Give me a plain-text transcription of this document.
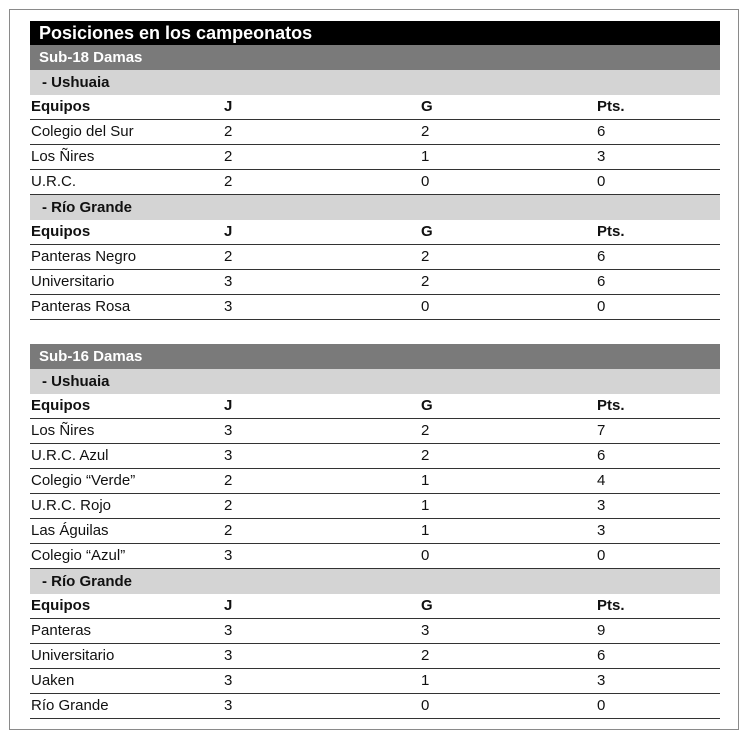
Posiciones en los campeonatos
Sub-18 Damas
- Ushuaia
Equipos	J	G	Pts.
Colegio del Sur	2	2	6
Los Ñires	2	1	3
U.R.C.	2	0	0
- Río Grande
Equipos	J	G	Pts.
Panteras Negro	2	2	6
Universitario	3	2	6
Panteras Rosa	3	0	0
Sub-16 Damas
- Ushuaia
Equipos	J	G	Pts.
Los Ñires	3	2	7
U.R.C. Azul	3	2	6
Colegio “Verde”	2	1	4
U.R.C. Rojo	2	1	3
Las Águilas	2	1	3
Colegio “Azul”	3	0	0
- Río Grande
Equipos	J	G	Pts.
Panteras	3	3	9
Universitario	3	2	6
Uaken	3	1	3
Río Grande	3	0	0
